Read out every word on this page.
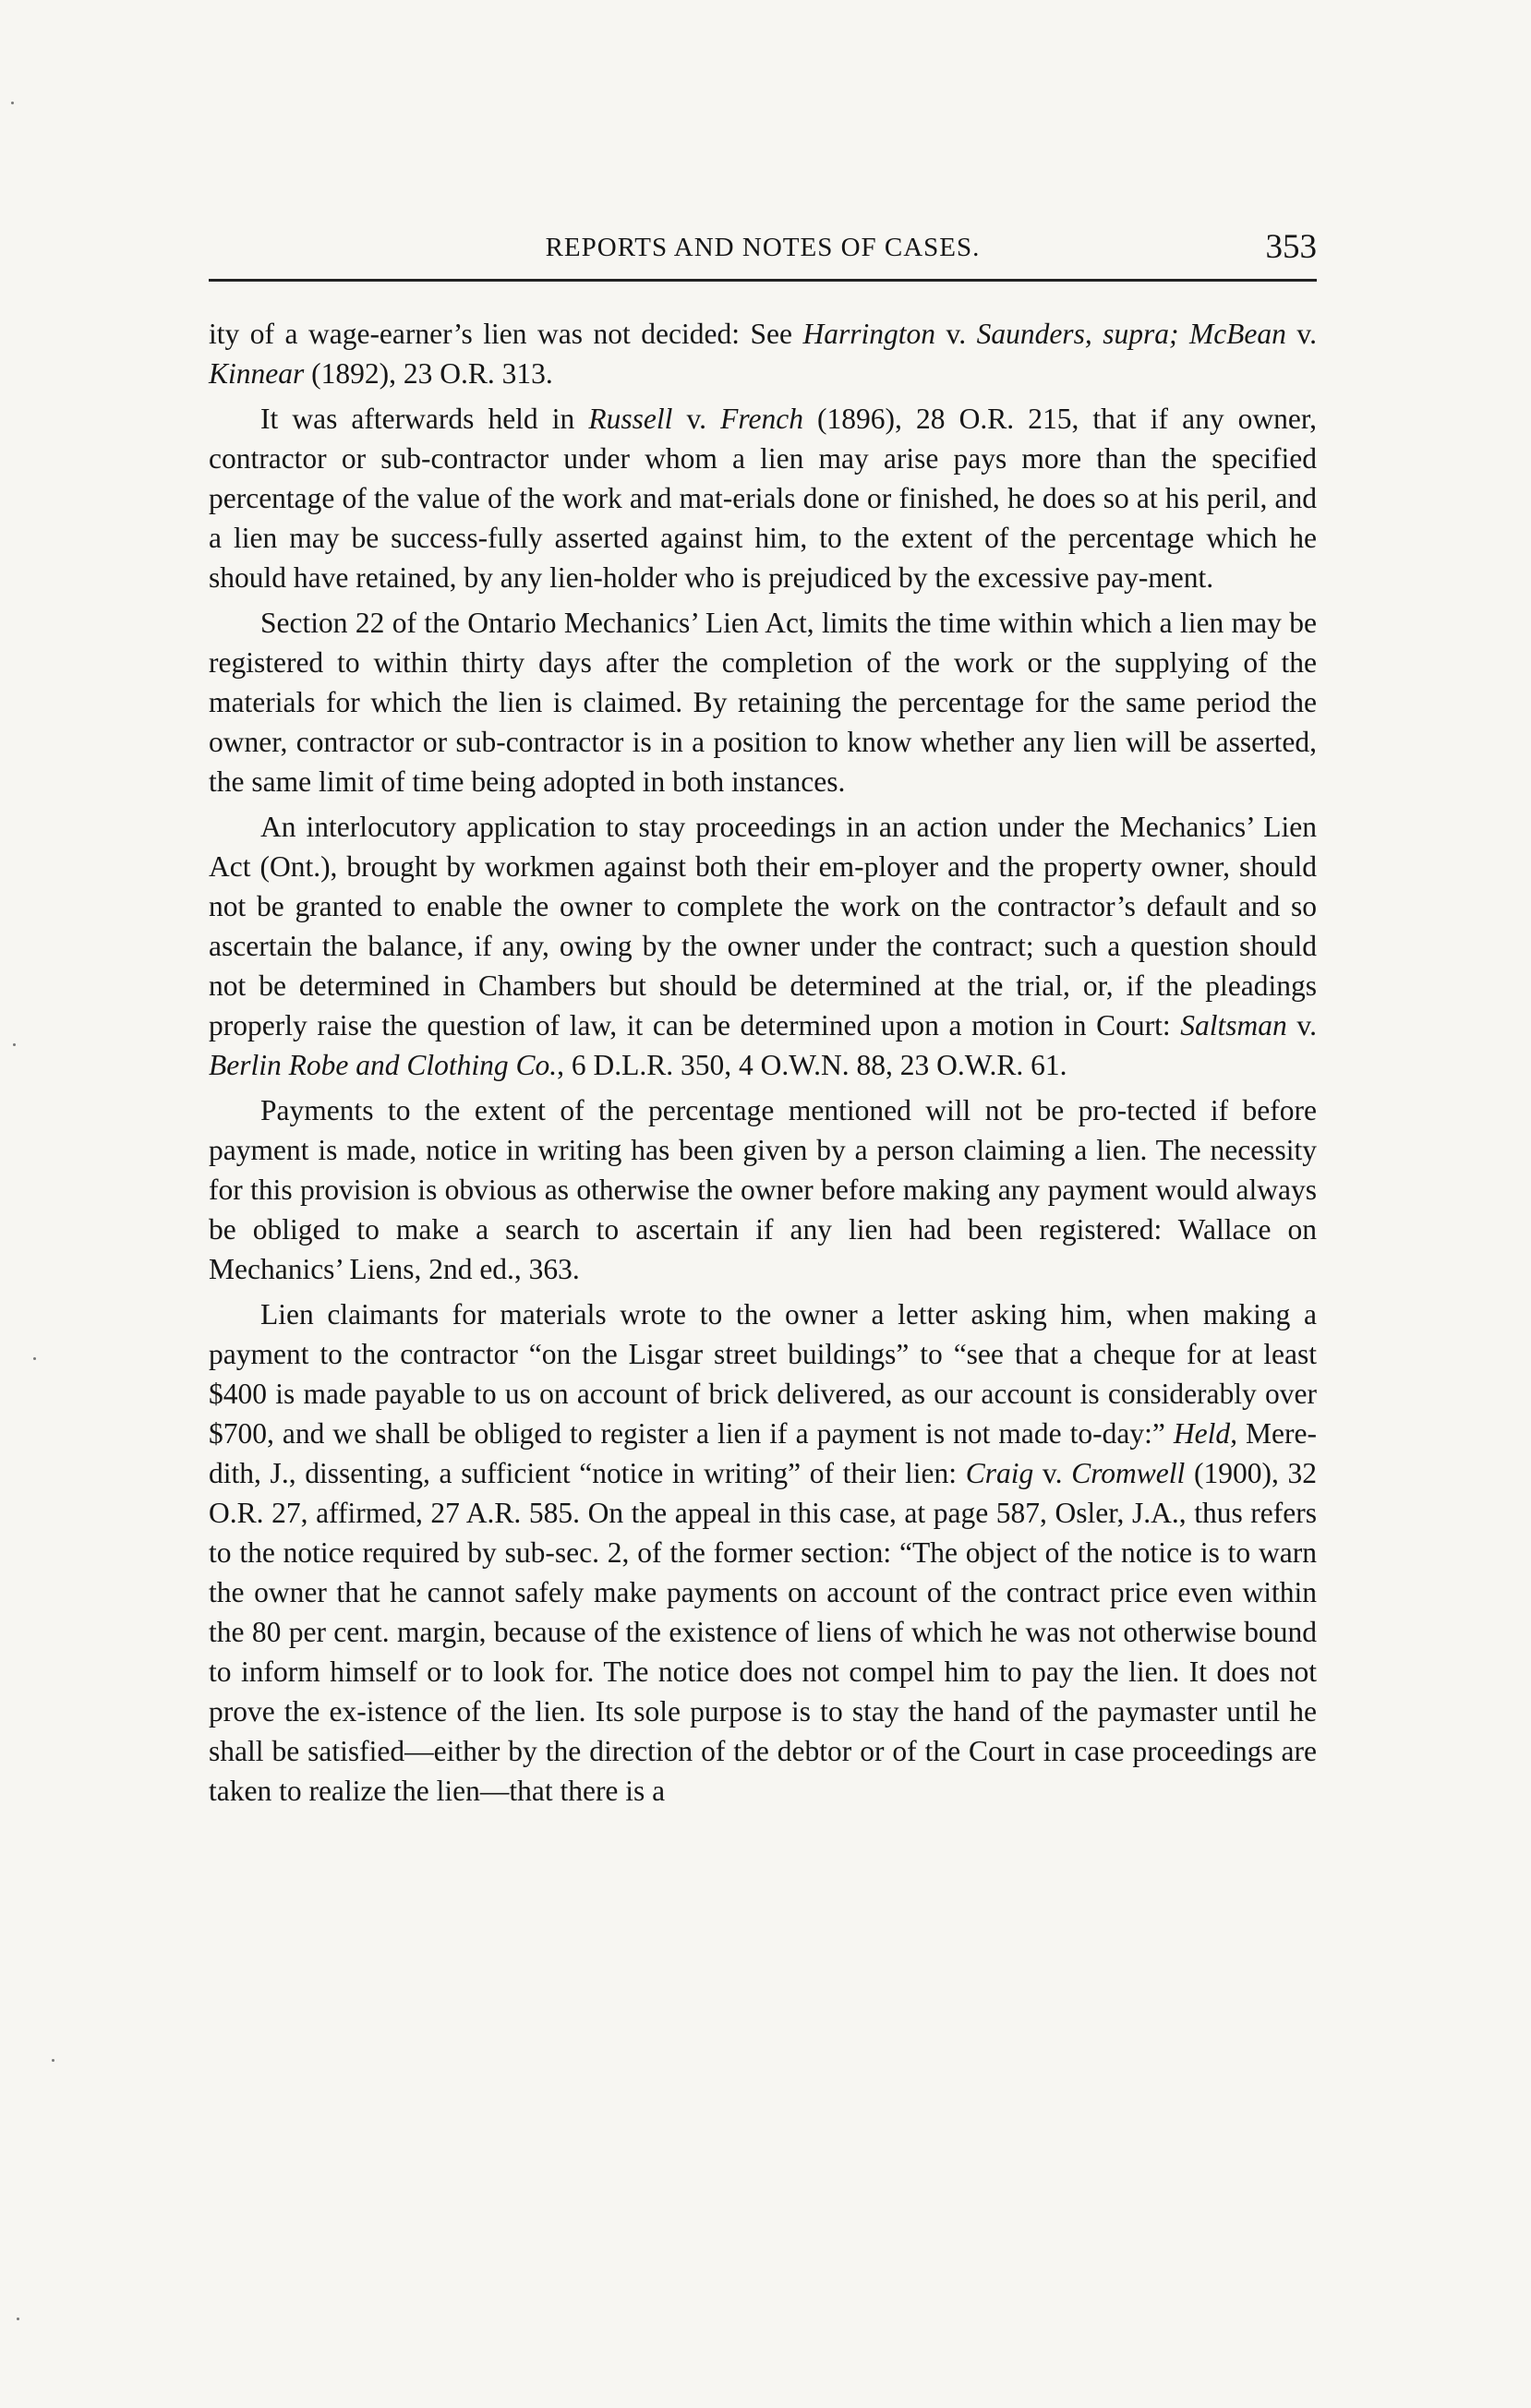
REPORTS AND NOTES OF CASES.	353

ity of a wage-earner’s lien was not decided: See Harrington v. Saunders, supra; McBean v. Kinnear (1892), 23 O.R. 313.

It was afterwards held in Russell v. French (1896), 28 O.R. 215, that if any owner, contractor or sub-contractor under whom a lien may arise pays more than the specified percentage of the value of the work and mat-erials done or finished, he does so at his peril, and a lien may be success-fully asserted against him, to the extent of the percentage which he should have retained, by any lien-holder who is prejudiced by the excessive pay-ment.

Section 22 of the Ontario Mechanics’ Lien Act, limits the time within which a lien may be registered to within thirty days after the completion of the work or the supplying of the materials for which the lien is claimed. By retaining the percentage for the same period the owner, contractor or sub-contractor is in a position to know whether any lien will be asserted, the same limit of time being adopted in both instances.

An interlocutory application to stay proceedings in an action under the Mechanics’ Lien Act (Ont.), brought by workmen against both their em-ployer and the property owner, should not be granted to enable the owner to complete the work on the contractor’s default and so ascertain the balance, if any, owing by the owner under the contract; such a question should not be determined in Chambers but should be determined at the trial, or, if the pleadings properly raise the question of law, it can be determined upon a motion in Court: Saltsman v. Berlin Robe and Clothing Co., 6 D.L.R. 350, 4 O.W.N. 88, 23 O.W.R. 61.

Payments to the extent of the percentage mentioned will not be pro-tected if before payment is made, notice in writing has been given by a person claiming a lien. The necessity for this provision is obvious as otherwise the owner before making any payment would always be obliged to make a search to ascertain if any lien had been registered: Wallace on Mechanics’ Liens, 2nd ed., 363.

Lien claimants for materials wrote to the owner a letter asking him, when making a payment to the contractor “on the Lisgar street buildings” to “see that a cheque for at least $400 is made payable to us on account of brick delivered, as our account is considerably over $700, and we shall be obliged to register a lien if a payment is not made to-day:” Held, Mere-dith, J., dissenting, a sufficient “notice in writing” of their lien: Craig v. Cromwell (1900), 32 O.R. 27, affirmed, 27 A.R. 585. On the appeal in this case, at page 587, Osler, J.A., thus refers to the notice required by sub-sec. 2, of the former section: “The object of the notice is to warn the owner that he cannot safely make payments on account of the contract price even within the 80 per cent. margin, because of the existence of liens of which he was not otherwise bound to inform himself or to look for. The notice does not compel him to pay the lien. It does not prove the ex-istence of the lien. Its sole purpose is to stay the hand of the paymaster until he shall be satisfied—either by the direction of the debtor or of the Court in case proceedings are taken to realize the lien—that there is a
